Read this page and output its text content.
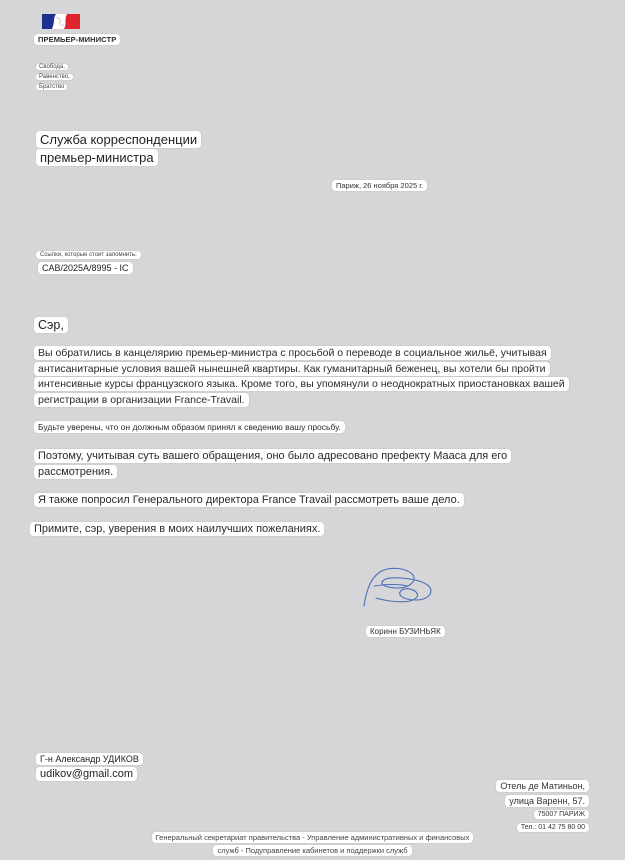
ПРЕМЬЕР-МИНИСТР
Свобода,
Равенство,
Братство
Служба корреспонденции
премьер-министра
Париж, 26 ноября 2025 г.
Ссылки, которые стоит запомнить:
CAB/2025A/8995 - IC
Сэр,
Вы обратились в канцелярию премьер-министра с просьбой о переводе в социальное жильё, учитывая антисанитарные условия вашей нынешней квартиры. Как гуманитарный беженец, вы хотели бы пройти интенсивные курсы французского языка. Кроме того, вы упомянули о неоднократных приостановках вашей регистрации в организации France-Travail.
Будьте уверены, что он должным образом принял к сведению вашу просьбу.
Поэтому, учитывая суть вашего обращения, оно было адресовано префекту Мааса для его рассмотрения.
Я также попросил Генерального директора France Travail рассмотреть ваше дело.
Примите, сэр, уверения в моих наилучших пожеланиях.
Коринн БУЗИНЬЯК
Г-н Александр УДИКОВ
udikov@gmail.com
Отель де Матиньон,
улица Варенн, 57.
75007 ПАРИЖ
Тел.: 01 42 75 80 00
Генеральный секретариат правительства - Управление административных и финансовых
служб - Подуправление кабинетов и поддержки служб
